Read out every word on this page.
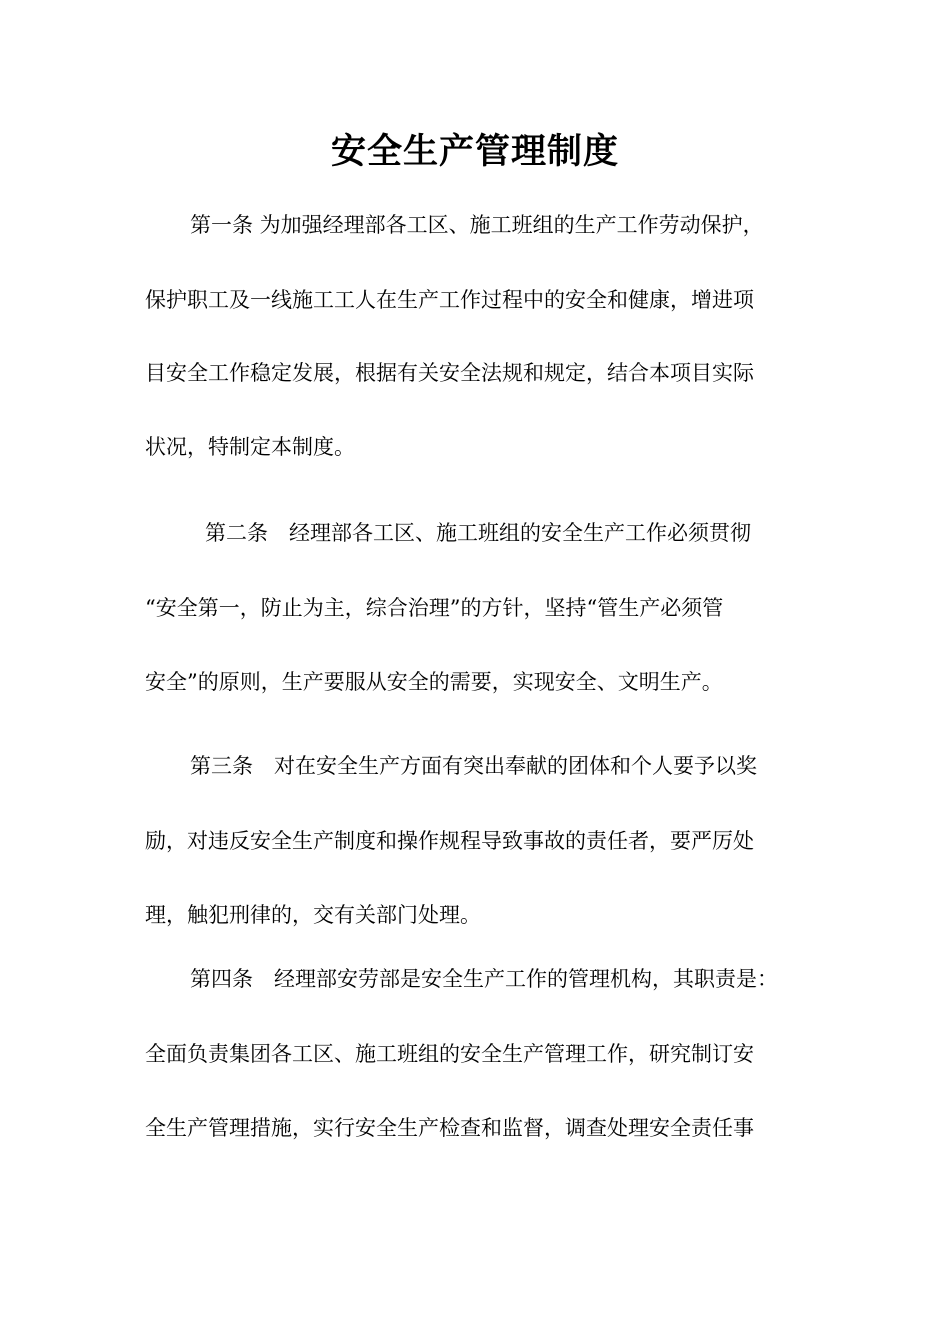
安全生产管理制度

第一条 为加强经理部各工区、施工班组的生产工作劳动保护，

保护职工及一线施工工人在生产工作过程中的安全和健康，增进项

目安全工作稳定发展，根据有关安全法规和规定，结合本项目实际

状况，特制定本制度。

第二条　经理部各工区、施工班组的安全生产工作必须贯彻

“安全第一，防止为主，综合治理”的方针，坚持“管生产必须管

安全”的原则，生产要服从安全的需要，实现安全、文明生产。

第三条　对在安全生产方面有突出奉献的团体和个人要予以奖

励，对违反安全生产制度和操作规程导致事故的责任者，要严厉处

理，触犯刑律的，交有关部门处理。

第四条　经理部安劳部是安全生产工作的管理机构，其职责是：

全面负责集团各工区、施工班组的安全生产管理工作，研究制订安

全生产管理措施，实行安全生产检查和监督，调查处理安全责任事
